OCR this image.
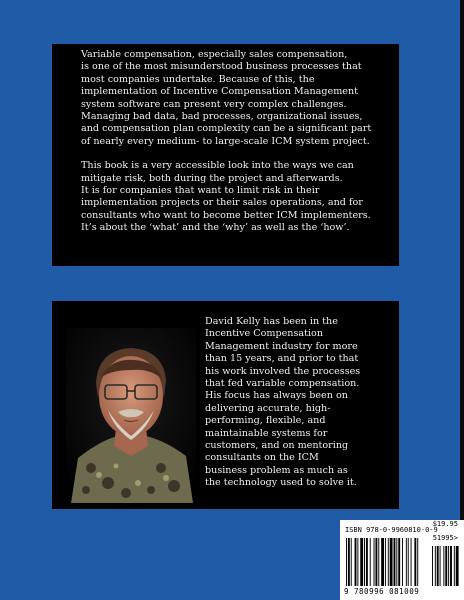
Variable compensation, especially sales compensation,
is one of the most misunderstood business processes that
most companies undertake. Because of this, the
implementation of Incentive Compensation Management
system software can present very complex challenges.
Managing bad data, bad processes, organizational issues,
and compensation plan complexity can be a significant part
of nearly every medium- to large-scale ICM system project.

This book is a very accessible look into the ways we can
mitigate risk, both during the project and afterwards.
It is for companies that want to limit risk in their
implementation projects or their sales operations, and for
consultants who want to become better ICM implementers.
It’s about the ‘what’ and the ‘why’ as well as the ‘how’.

David Kelly has been in the
Incentive Compensation
Management industry for more
than 15 years, and prior to that
his work involved the processes
that fed variable compensation.
His focus has always been on
delivering accurate, high-
performing, flexible, and
maintainable systems for
customers, and on mentoring
consultants on the ICM
business problem as much as
the technology used to solve it.

ISBN 978-0-9960810-0-9
$19.95
51995>
9 780996 081009
